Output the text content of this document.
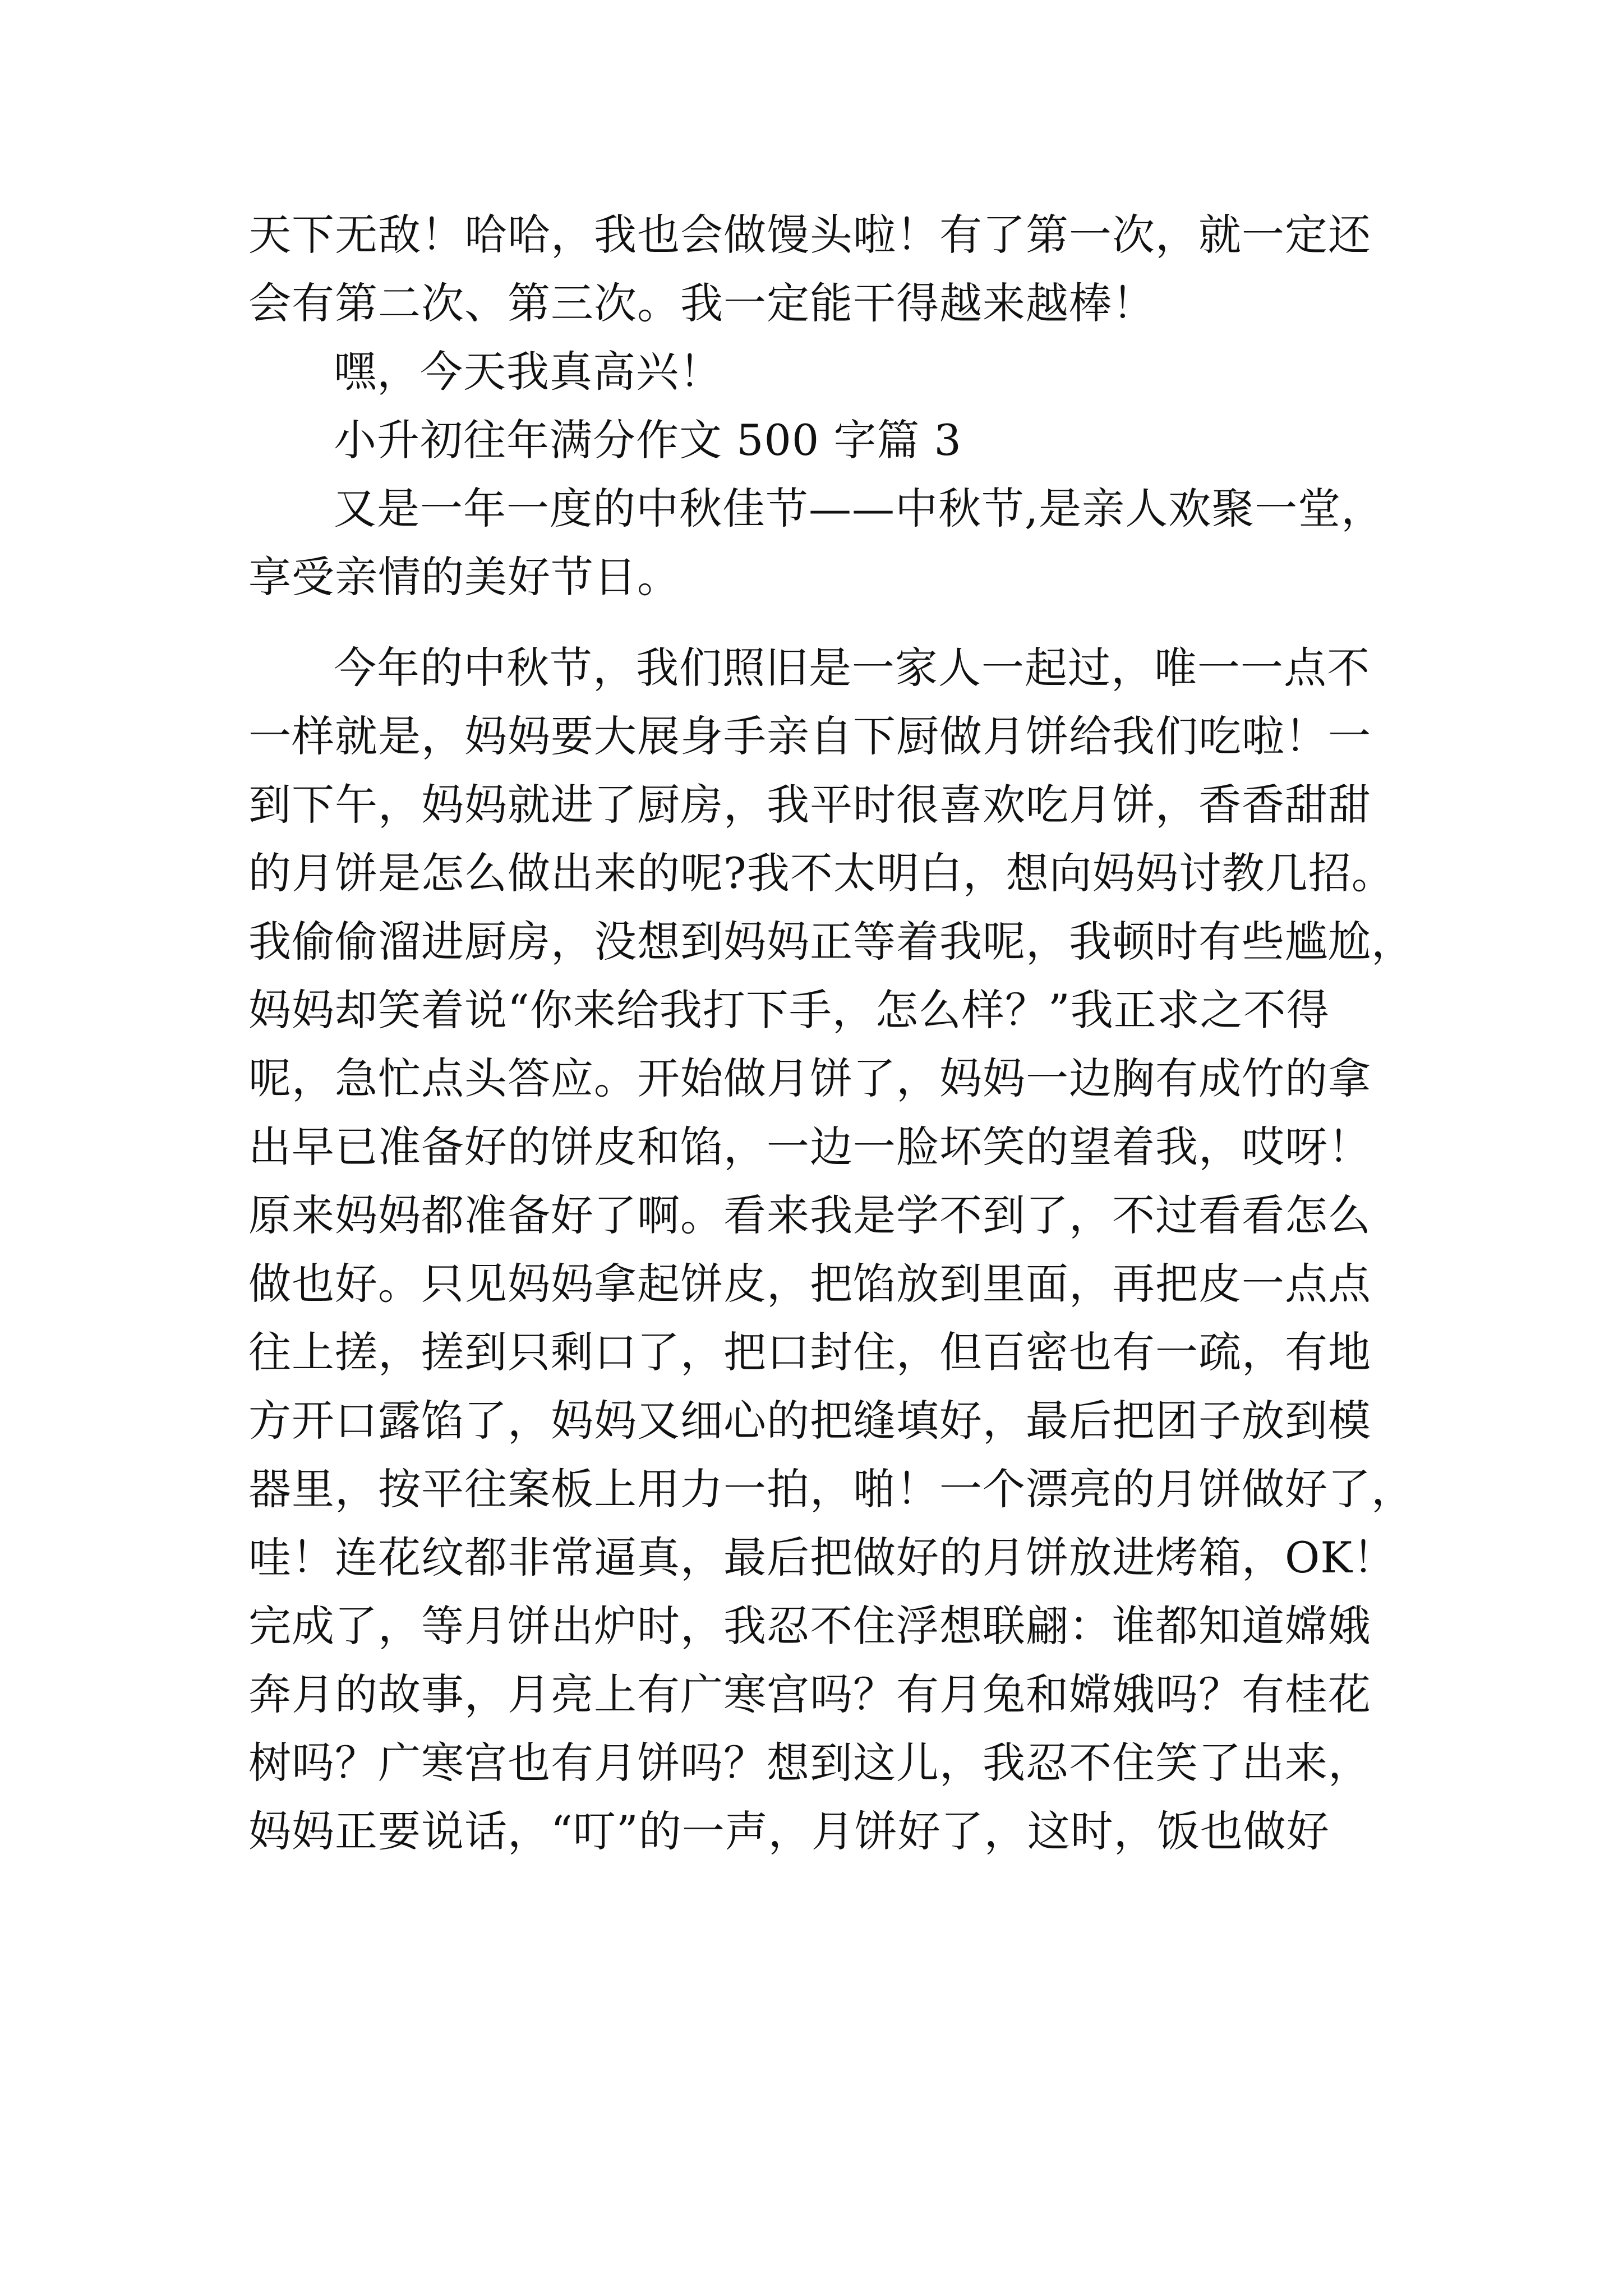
天下无敌！哈哈，我也会做馒头啦！有了第一次，就一定还
会有第二次、第三次。我一定能干得越来越棒！
嘿，今天我真高兴！
小升初往年满分作文 500 字篇 3
又是一年一度的中秋佳节——中秋节,是亲人欢聚一堂，
享受亲情的美好节日。
今年的中秋节，我们照旧是一家人一起过，唯一一点不
一样就是，妈妈要大展身手亲自下厨做月饼给我们吃啦！一
到下午，妈妈就进了厨房，我平时很喜欢吃月饼，香香甜甜
的月饼是怎么做出来的呢?我不太明白，想向妈妈讨教几招。
我偷偷溜进厨房，没想到妈妈正等着我呢，我顿时有些尴尬，
妈妈却笑着说“你来给我打下手，怎么样？”我正求之不得
呢，急忙点头答应。开始做月饼了，妈妈一边胸有成竹的拿
出早已准备好的饼皮和馅，一边一脸坏笑的望着我，哎呀！
原来妈妈都准备好了啊。看来我是学不到了，不过看看怎么
做也好。只见妈妈拿起饼皮，把馅放到里面，再把皮一点点
往上搓，搓到只剩口了，把口封住，但百密也有一疏，有地
方开口露馅了，妈妈又细心的把缝填好，最后把团子放到模
器里，按平往案板上用力一拍，啪！一个漂亮的月饼做好了，
哇！连花纹都非常逼真，最后把做好的月饼放进烤箱，OK！
完成了，等月饼出炉时，我忍不住浮想联翩：谁都知道嫦娥
奔月的故事，月亮上有广寒宫吗？有月兔和嫦娥吗？有桂花
树吗？广寒宫也有月饼吗？想到这儿，我忍不住笑了出来，
妈妈正要说话，“叮”的一声，月饼好了，这时，饭也做好
